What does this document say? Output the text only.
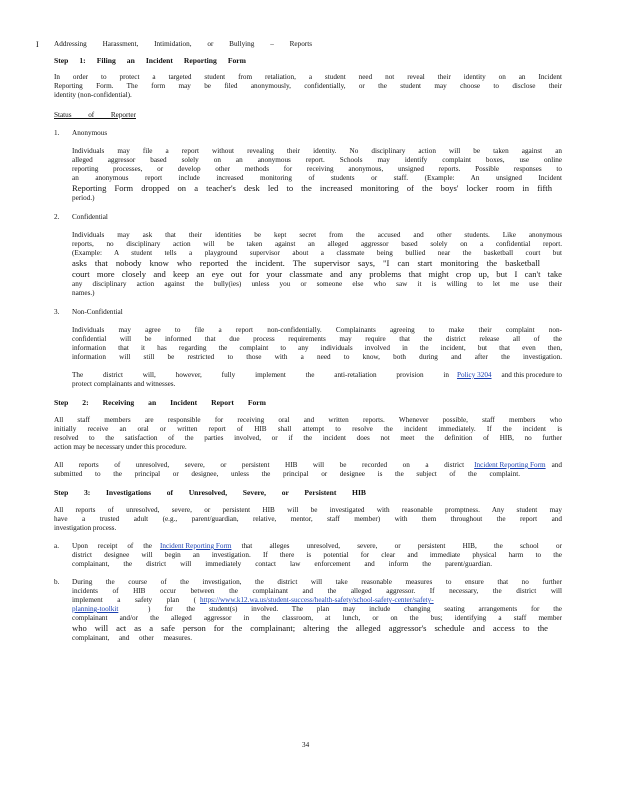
I Addressing Harassment, Intimidation, or Bullying – Reports
Step 1: Filing an Incident Reporting Form
In order to protect a targeted student from retaliation, a student need not reveal their identity on an Incident
Reporting Form. The form may be filed anonymously, confidentially, or the student may choose to disclose their
identity (non-confidential).
Status of Reporter
1. Anonymous
Individuals may file a report without revealing their identity. No disciplinary action will be taken against an
alleged aggressor based solely on an anonymous report. Schools may identify complaint boxes, use online
reporting processes, or develop other methods for receiving anonymous, unsigned reports. Possible responses to
an anonymous report include increased monitoring of students or staff. (Example: An unsigned Incident
Reporting Form dropped on a teacher's desk led to the increased monitoring of the boys' locker room in fifth
period.)
2. Confidential
Individuals may ask that their identities be kept secret from the accused and other students. Like anonymous
reports, no disciplinary action will be taken against an alleged aggressor based solely on a confidential report.
(Example: A student tells a playground supervisor about a classmate being bullied near the basketball court but
asks that nobody know who reported the incident. The supervisor says, "I can start monitoring the basketball
court more closely and keep an eye out for your classmate and any problems that might crop up, but I can't take
any disciplinary action against the bully(ies) unless you or someone else who saw it is willing to let me use their
names.)
3. Non-Confidential
Individuals may agree to file a report non-confidentially. Complainants agreeing to make their complaint non-
confidential will be informed that due process requirements may require that the district release all of the
information that it has regarding the complaint to any individuals involved in the incident, but that even then,
information will still be restricted to those with a need to know, both during and after the investigation.
The district will, however, fully implement the anti-retaliation provision in	Policy 3204	and this procedure to
protect complainants and witnesses.
Step 2: Receiving an Incident Report Form
All staff members are responsible for receiving oral and written reports. Whenever possible, staff members who
initially receive an oral or written report of HIB shall attempt to resolve the incident immediately. If the incident is
resolved to the satisfaction of the parties involved, or if the incident does not meet the definition of HIB, no further
action may be necessary under this procedure.
All reports of unresolved, severe, or persistent HIB will be recorded on a district	Incident Reporting Form and
submitted to the principal or designee, unless the principal or designee is the subject of the complaint.
Step 3: Investigations of Unresolved, Severe, or Persistent HIB
All reports of unresolved, severe, or persistent HIB will be investigated with reasonable promptness. Any student may
have a trusted adult (e.g., parent/guardian, relative, mentor, staff member) with them throughout the report and
investigation process.
a. Upon receipt of the	Incident Reporting Form	that alleges unresolved, severe, or persistent HIB, the school or
district designee will begin an investigation. If there is potential for clear and immediate physical harm to the
complainant, the district will immediately contact law enforcement and inform the parent/guardian.
b. During the course of the investigation, the district will take reasonable measures to ensure that no further
incidents of HIB occur between the complainant and the alleged aggressor. If necessary, the district will
implement a safety plan ( https://www.k12.wa.us/student-success/health-safety/school-safety-center/safety-
planning-toolkit	) for the student(s) involved. The plan may include changing seating arrangements for the
complainant and/or the alleged aggressor in the classroom, at lunch, or on the bus; identifying a staff member
who will act as a safe person for the complainant; altering the alleged aggressor's schedule and access to the
complainant, and other measures.
34
